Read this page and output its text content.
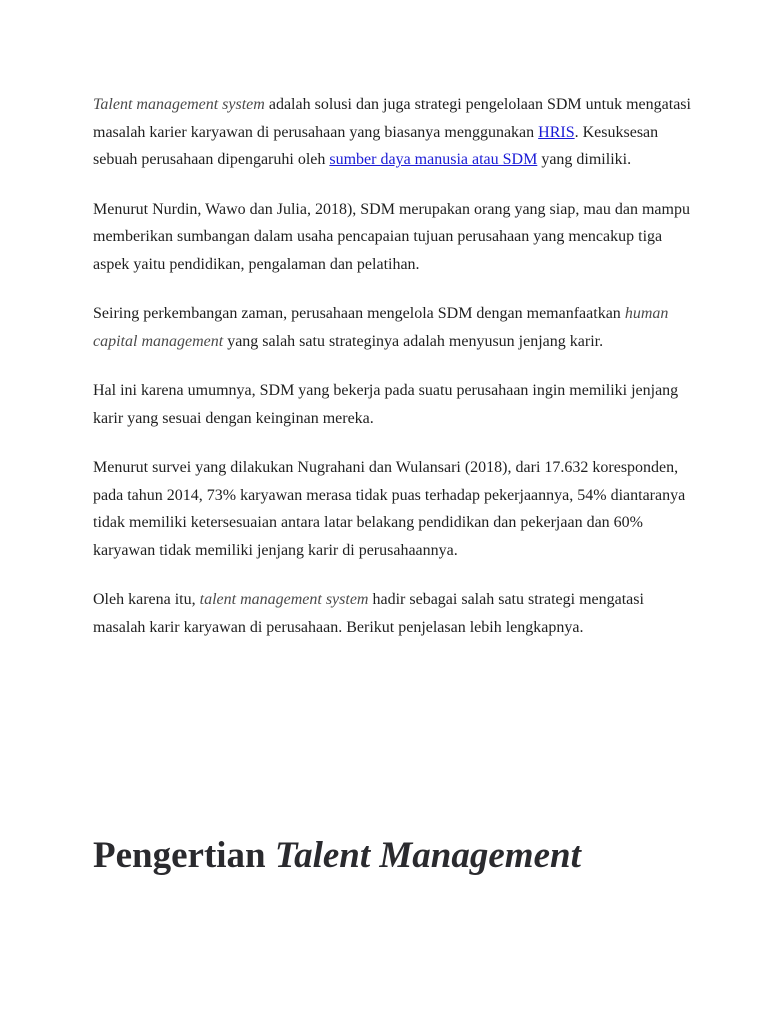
Talent management system adalah solusi dan juga strategi pengelolaan SDM untuk mengatasi masalah karier karyawan di perusahaan yang biasanya menggunakan HRIS. Kesuksesan sebuah perusahaan dipengaruhi oleh sumber daya manusia atau SDM yang dimiliki.

Menurut Nurdin, Wawo dan Julia, 2018), SDM merupakan orang yang siap, mau dan mampu memberikan sumbangan dalam usaha pencapaian tujuan perusahaan yang mencakup tiga aspek yaitu pendidikan, pengalaman dan pelatihan.

Seiring perkembangan zaman, perusahaan mengelola SDM dengan memanfaatkan human capital management yang salah satu strateginya adalah menyusun jenjang karir.

Hal ini karena umumnya, SDM yang bekerja pada suatu perusahaan ingin memiliki jenjang karir yang sesuai dengan keinginan mereka.

Menurut survei yang dilakukan Nugrahani dan Wulansari (2018), dari 17.632 koresponden, pada tahun 2014, 73% karyawan merasa tidak puas terhadap pekerjaannya, 54% diantaranya tidak memiliki ketersesuaian antara latar belakang pendidikan dan pekerjaan dan 60% karyawan tidak memiliki jenjang karir di perusahaannya.

Oleh karena itu, talent management system hadir sebagai salah satu strategi mengatasi masalah karir karyawan di perusahaan. Berikut penjelasan lebih lengkapnya.

Pengertian Talent Management
